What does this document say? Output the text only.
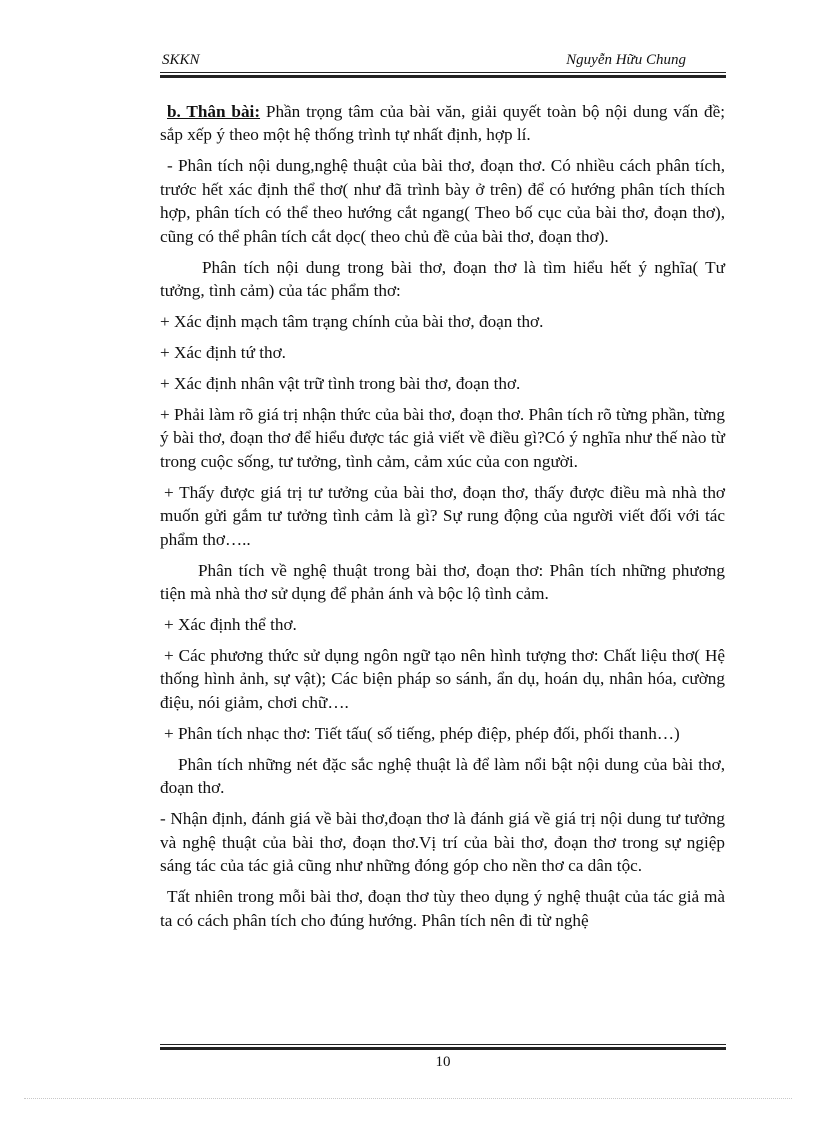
SKKN	Nguyễn Hữu Chung

b. Thân bài: Phần trọng tâm của bài văn, giải quyết toàn bộ nội dung vấn đề; sắp xếp ý theo một hệ thống trình tự nhất định, hợp lí.

- Phân tích nội dung,nghệ thuật của bài thơ, đoạn thơ. Có nhiều cách phân tích, trước hết xác định thể thơ( như đã trình bày ở trên) để có hướng phân tích thích hợp, phân tích có thể theo hướng cắt ngang( Theo bố cục của bài thơ, đoạn thơ), cũng có thể phân tích cắt dọc( theo chủ đề của bài thơ, đoạn thơ).

Phân tích nội dung trong bài thơ, đoạn thơ là tìm hiểu hết ý nghĩa( Tư tưởng, tình cảm) của tác phẩm thơ:

+ Xác định mạch tâm trạng chính của bài thơ, đoạn thơ.

+ Xác định tứ thơ.

+ Xác định nhân vật trữ tình trong bài thơ, đoạn thơ.

+ Phải làm rõ giá trị nhận thức của bài thơ, đoạn thơ. Phân tích rõ từng phần, từng ý bài thơ, đoạn thơ để hiểu được tác giả viết về điều gì?Có ý nghĩa như thế nào từ trong cuộc sống, tư tưởng, tình cảm, cảm xúc của con người.

+ Thấy được giá trị tư tưởng của bài thơ, đoạn thơ, thấy được điều mà nhà thơ muốn gửi gắm tư tưởng tình cảm là gì? Sự rung động của người viết đối với tác phẩm thơ…..

Phân tích về nghệ thuật trong bài thơ, đoạn thơ: Phân tích những phương tiện mà nhà thơ sử dụng để phản ánh và bộc lộ tình cảm.

+ Xác định thể thơ.

+ Các phương thức sử dụng ngôn ngữ tạo nên hình tượng thơ: Chất liệu thơ( Hệ thống hình ảnh, sự vật); Các biện pháp so sánh, ẩn dụ, hoán dụ, nhân hóa, cường điệu, nói giảm, chơi chữ….

+ Phân tích nhạc thơ: Tiết tấu( số tiếng, phép điệp, phép đối, phối thanh…)

Phân tích những nét đặc sắc nghệ thuật là để làm nổi bật nội dung của bài thơ, đoạn thơ.

- Nhận định, đánh giá về bài thơ,đoạn thơ là đánh giá về giá trị nội dung tư tưởng và nghệ thuật của bài thơ, đoạn thơ.Vị trí của bài thơ, đoạn thơ trong sự ngiệp sáng tác của tác giả cũng như những đóng góp cho nền thơ ca dân tộc.

Tất nhiên trong mỗi bài thơ, đoạn thơ tùy theo dụng ý nghệ thuật của tác giả mà ta có cách phân tích cho đúng hướng. Phân tích nên đi từ nghệ

10
